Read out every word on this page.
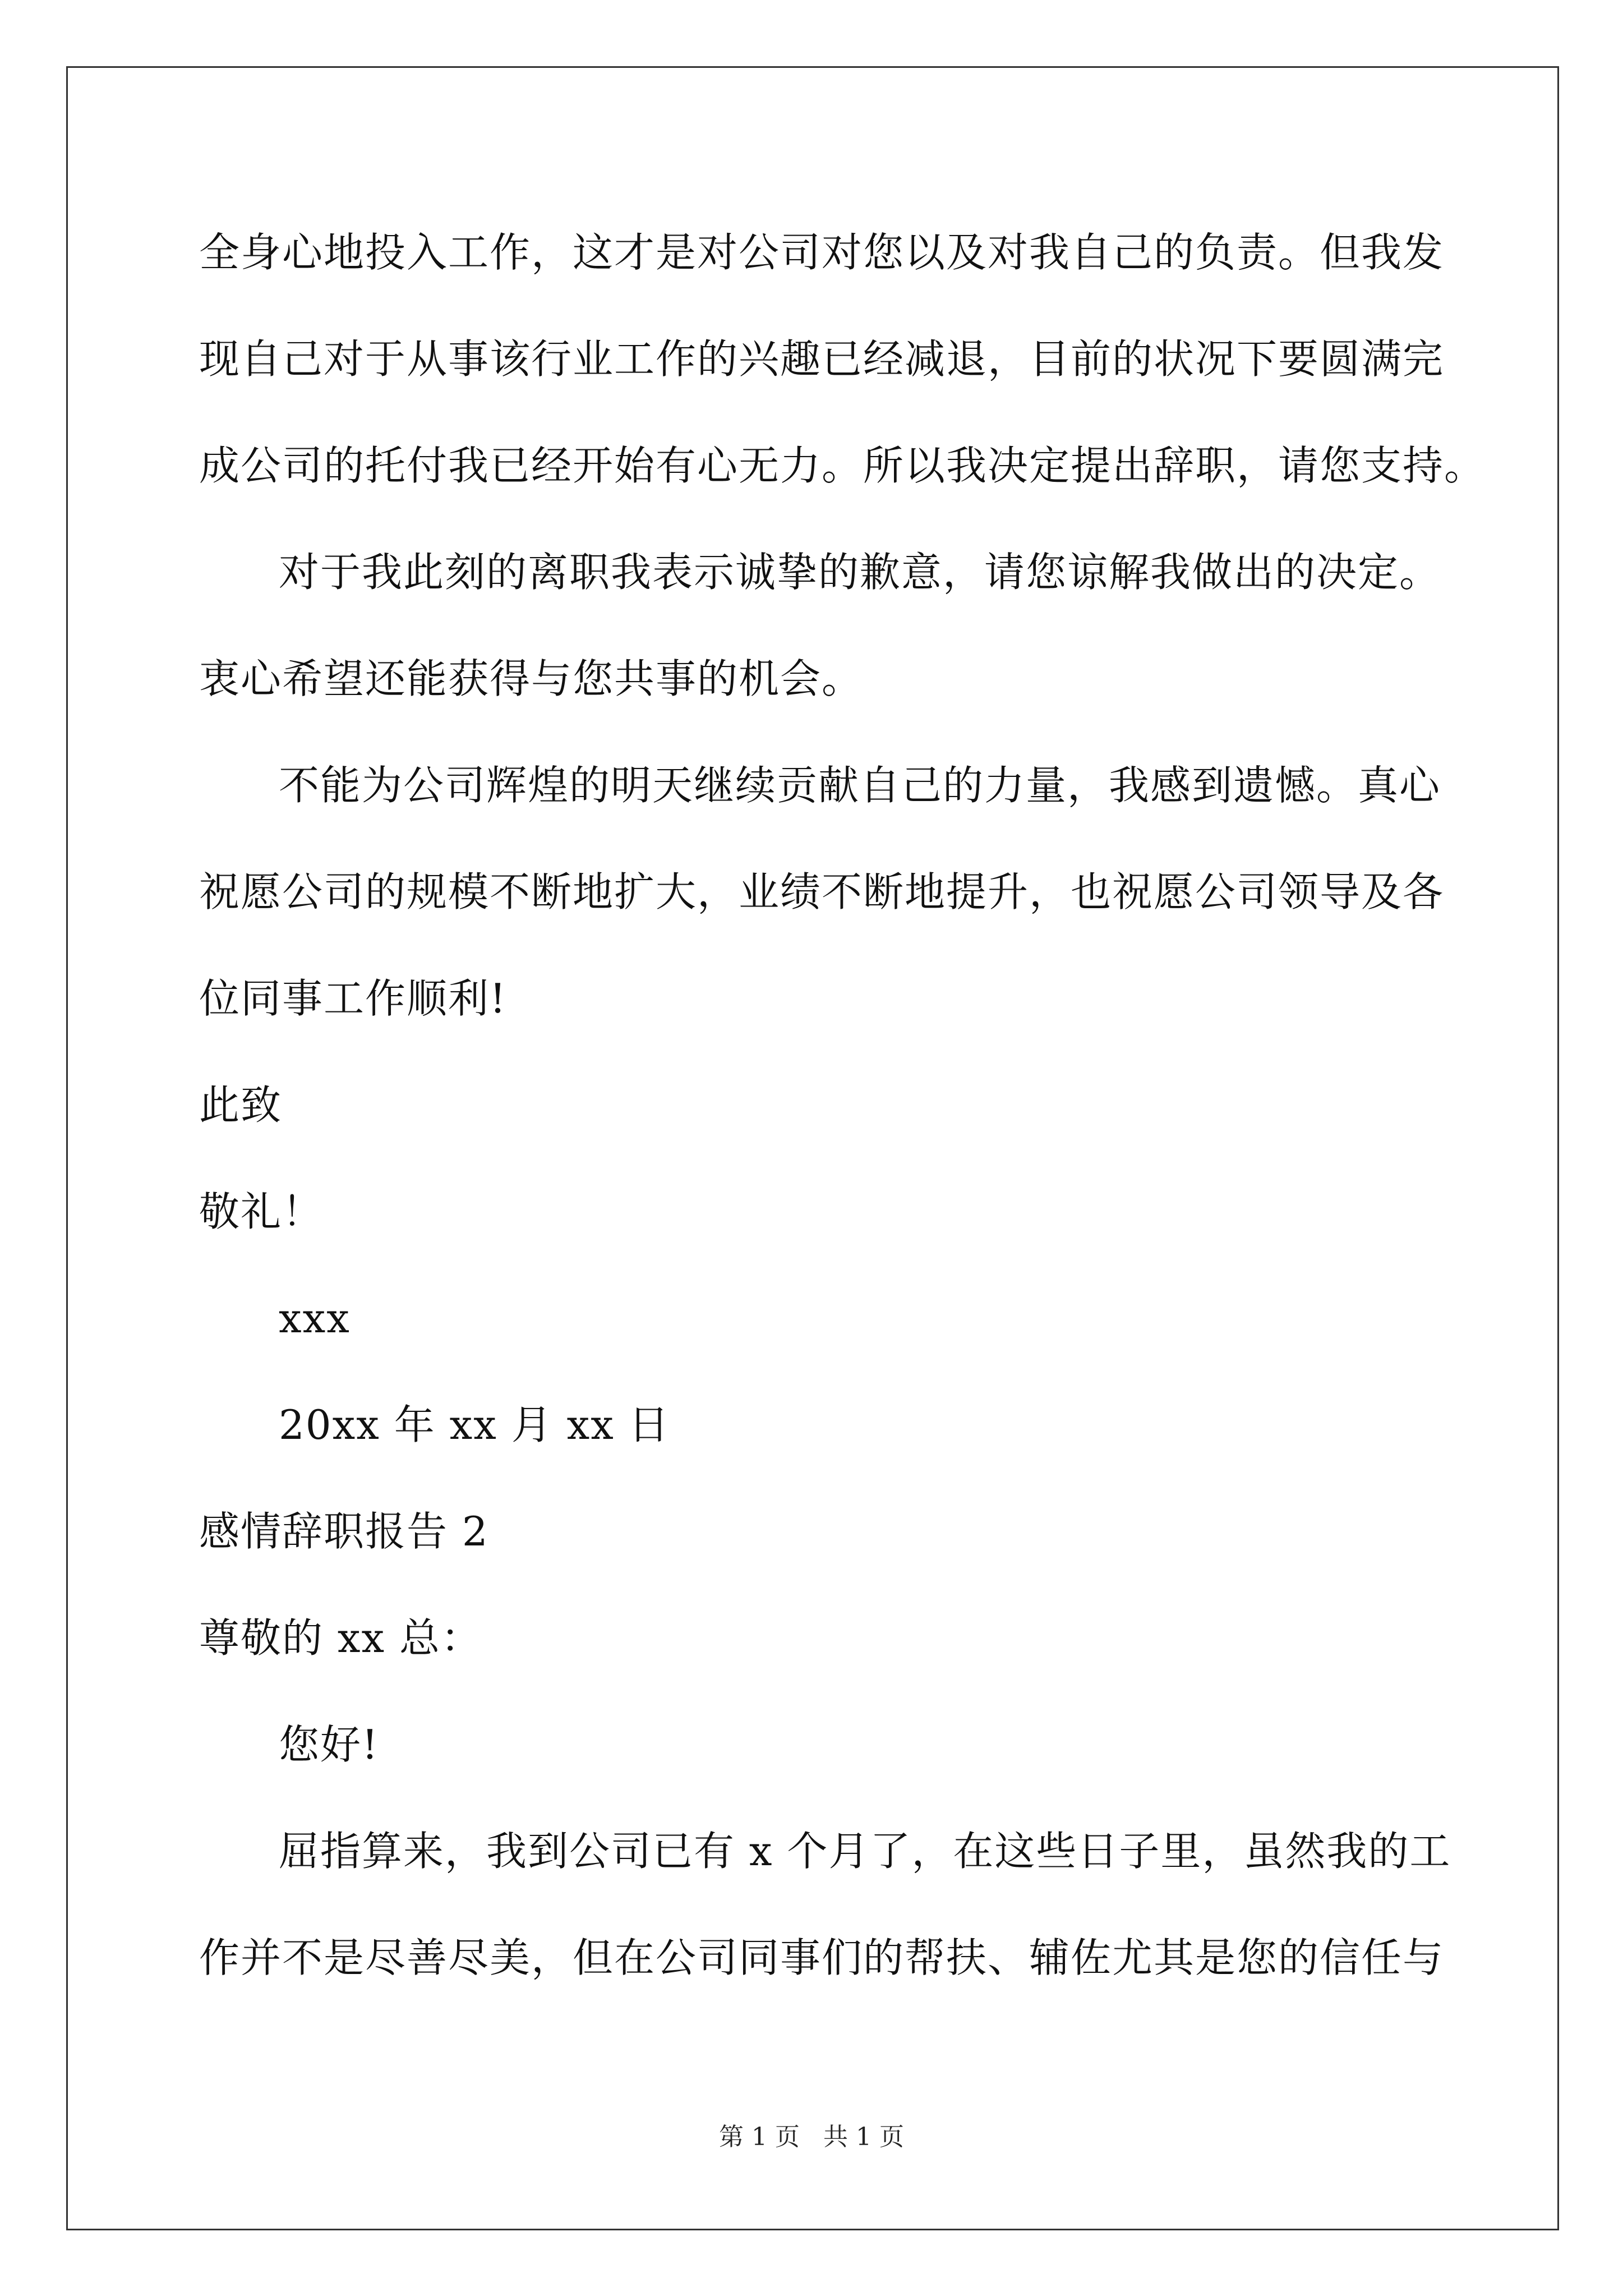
全身心地投入工作，这才是对公司对您以及对我自己的负责。但我发
现自己对于从事该行业工作的兴趣已经减退，目前的状况下要圆满完
成公司的托付我已经开始有心无力。所以我决定提出辞职，请您支持。
对于我此刻的离职我表示诚挚的歉意，请您谅解我做出的决定。
衷心希望还能获得与您共事的机会。
不能为公司辉煌的明天继续贡献自己的力量，我感到遗憾。真心
祝愿公司的规模不断地扩大，业绩不断地提升，也祝愿公司领导及各
位同事工作顺利!
此致
敬礼！
xxx
20xx 年 xx 月 xx 日
感情辞职报告 2
尊敬的 xx 总：
您好!
屈指算来，我到公司已有 x 个月了，在这些日子里，虽然我的工
作并不是尽善尽美，但在公司同事们的帮扶、辅佐尤其是您的信任与
第 1 页 共 1 页
